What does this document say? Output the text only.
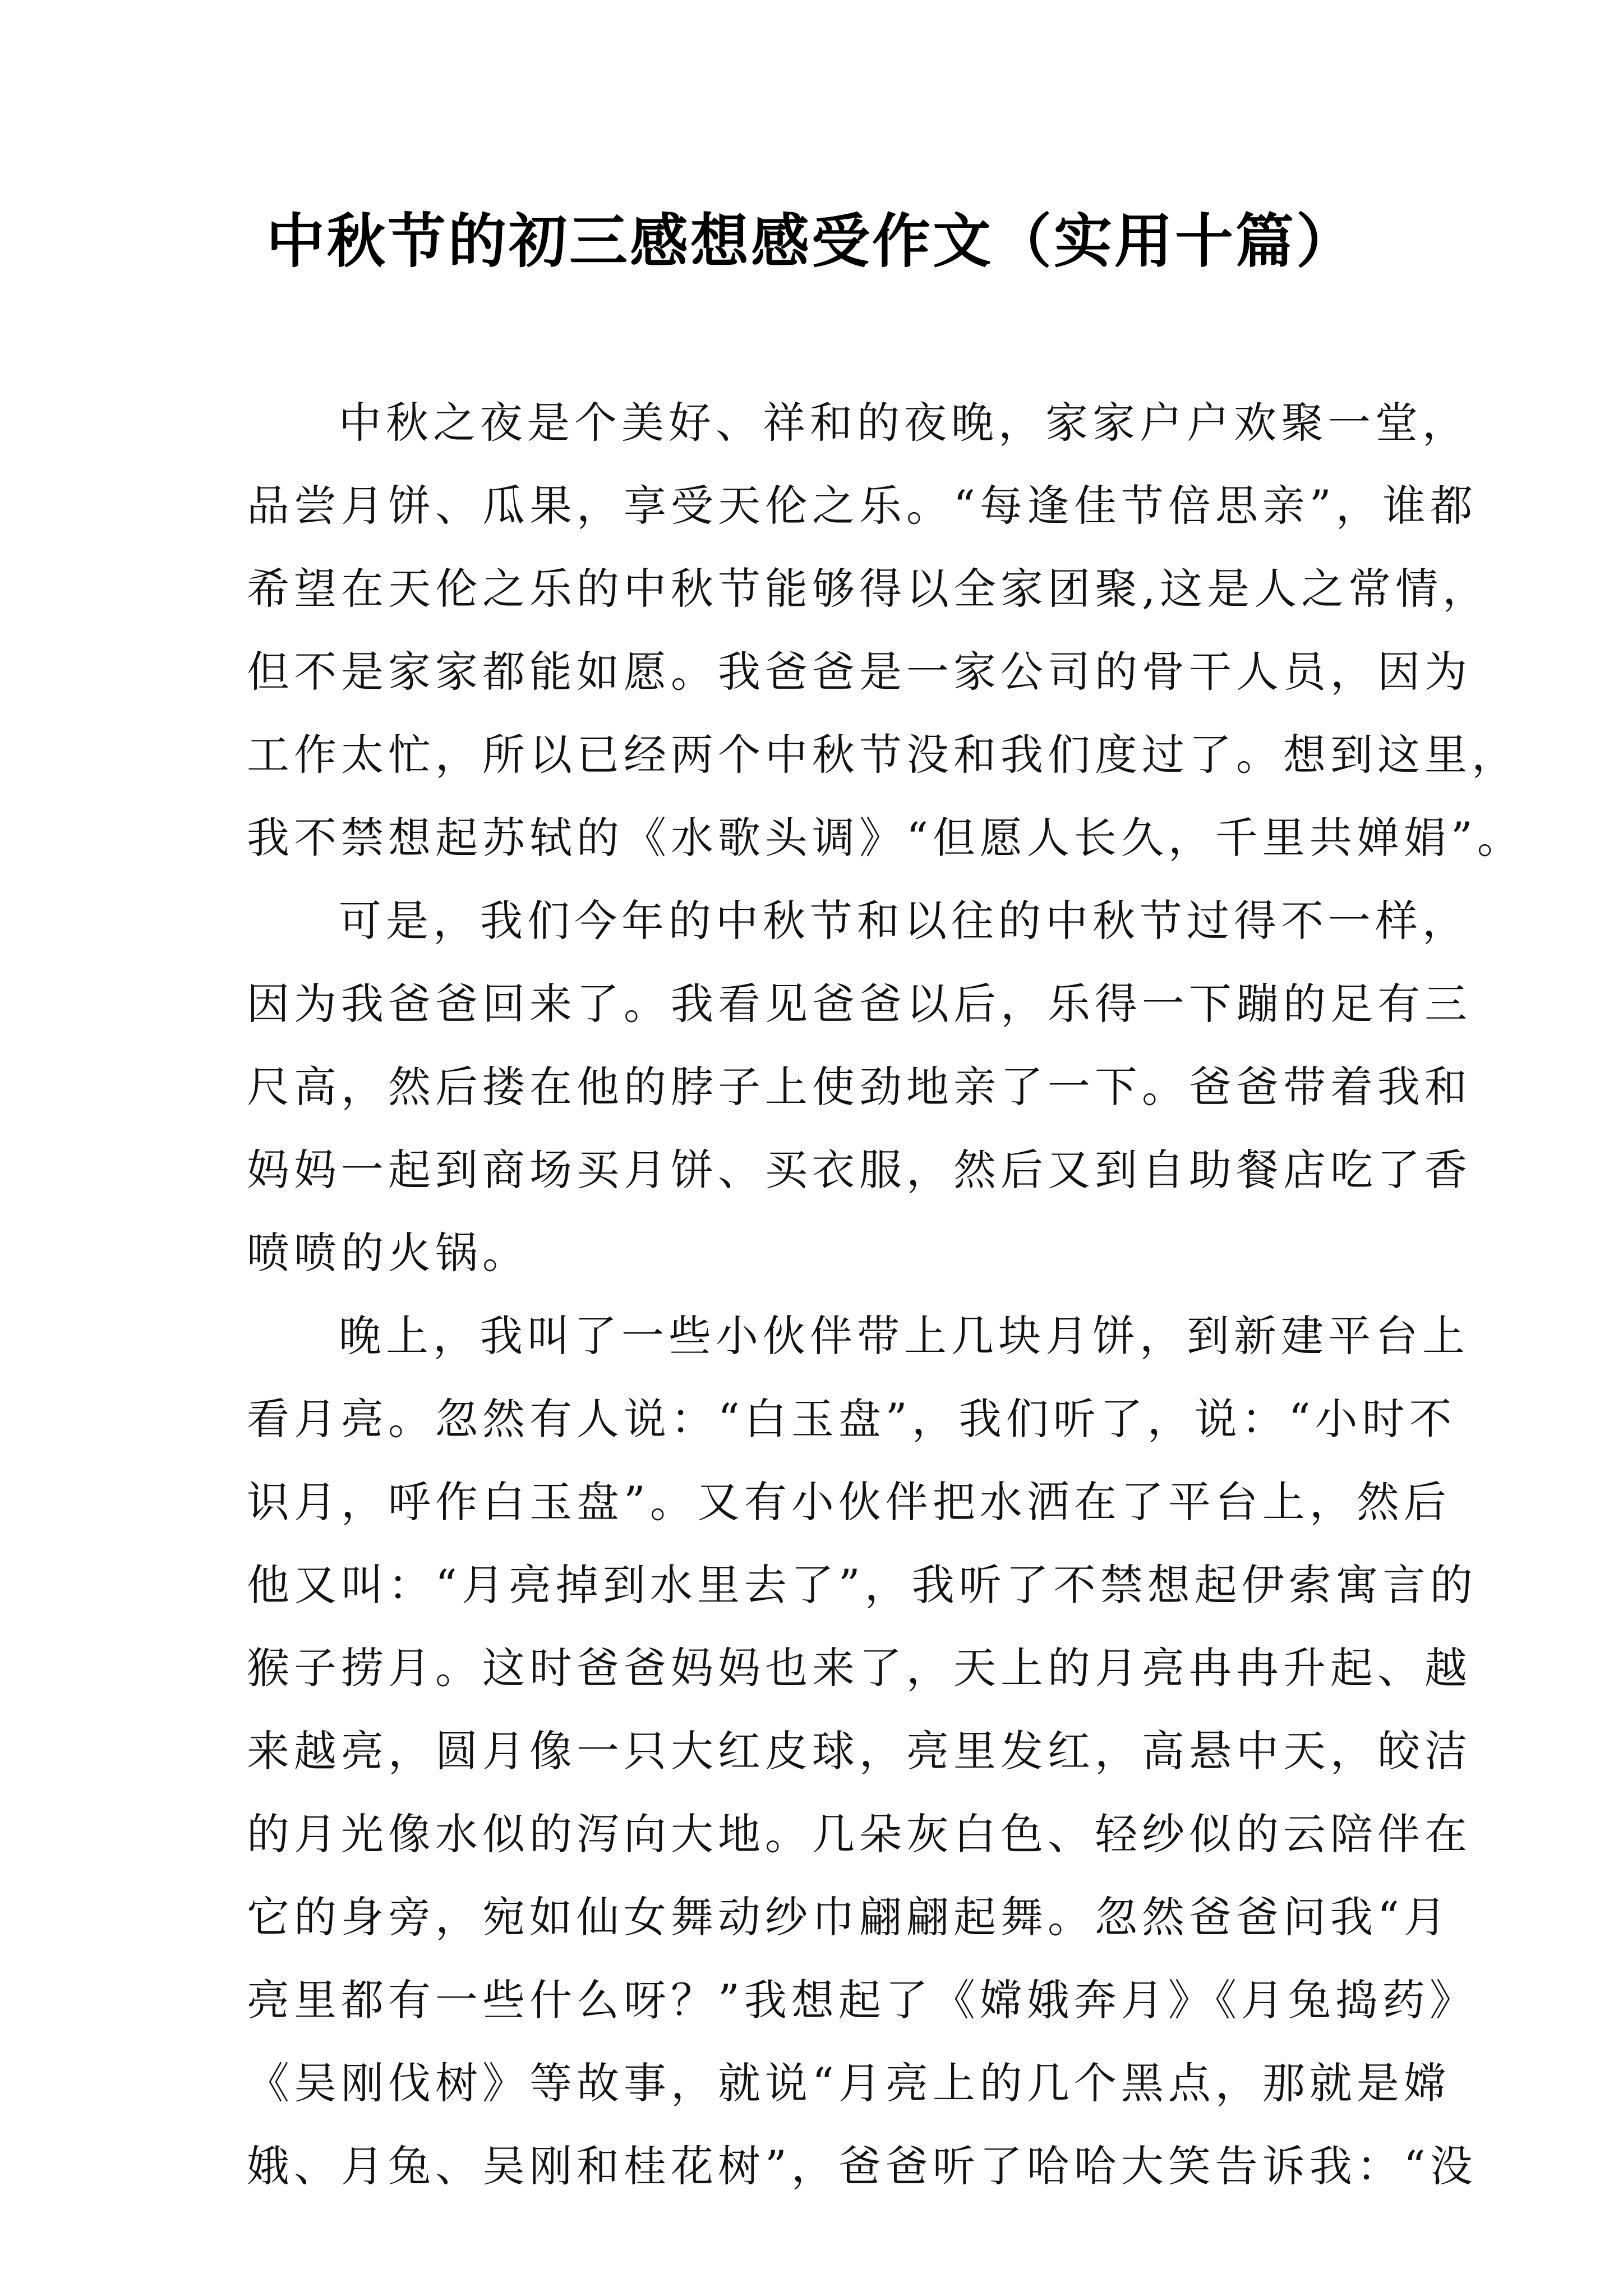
中秋节的初三感想感受作文（实用十篇）
中秋之夜是个美好、祥和的夜晚，家家户户欢聚一堂，
品尝月饼、瓜果，享受天伦之乐。“每逢佳节倍思亲”，谁都
希望在天伦之乐的中秋节能够得以全家团聚,这是人之常情，
但不是家家都能如愿。我爸爸是一家公司的骨干人员，因为
工作太忙，所以已经两个中秋节没和我们度过了。想到这里，
我不禁想起苏轼的《水歌头调》“但愿人长久，千里共婵娟”。
可是，我们今年的中秋节和以往的中秋节过得不一样，
因为我爸爸回来了。我看见爸爸以后，乐得一下蹦的足有三
尺高，然后搂在他的脖子上使劲地亲了一下。爸爸带着我和
妈妈一起到商场买月饼、买衣服，然后又到自助餐店吃了香
喷喷的火锅。
晚上，我叫了一些小伙伴带上几块月饼，到新建平台上
看月亮。忽然有人说：“白玉盘”，我们听了，说：“小时不
识月，呼作白玉盘”。又有小伙伴把水洒在了平台上，然后
他又叫：“月亮掉到水里去了”，我听了不禁想起伊索寓言的
猴子捞月。这时爸爸妈妈也来了，天上的月亮冉冉升起、越
来越亮，圆月像一只大红皮球，亮里发红，高悬中天，皎洁
的月光像水似的泻向大地。几朵灰白色、轻纱似的云陪伴在
它的身旁，宛如仙女舞动纱巾翩翩起舞。忽然爸爸问我“月
亮里都有一些什么呀？”我想起了《嫦娥奔月》《月兔捣药》
《吴刚伐树》等故事，就说“月亮上的几个黑点，那就是嫦
娥、月兔、吴刚和桂花树”，爸爸听了哈哈大笑告诉我：“没
